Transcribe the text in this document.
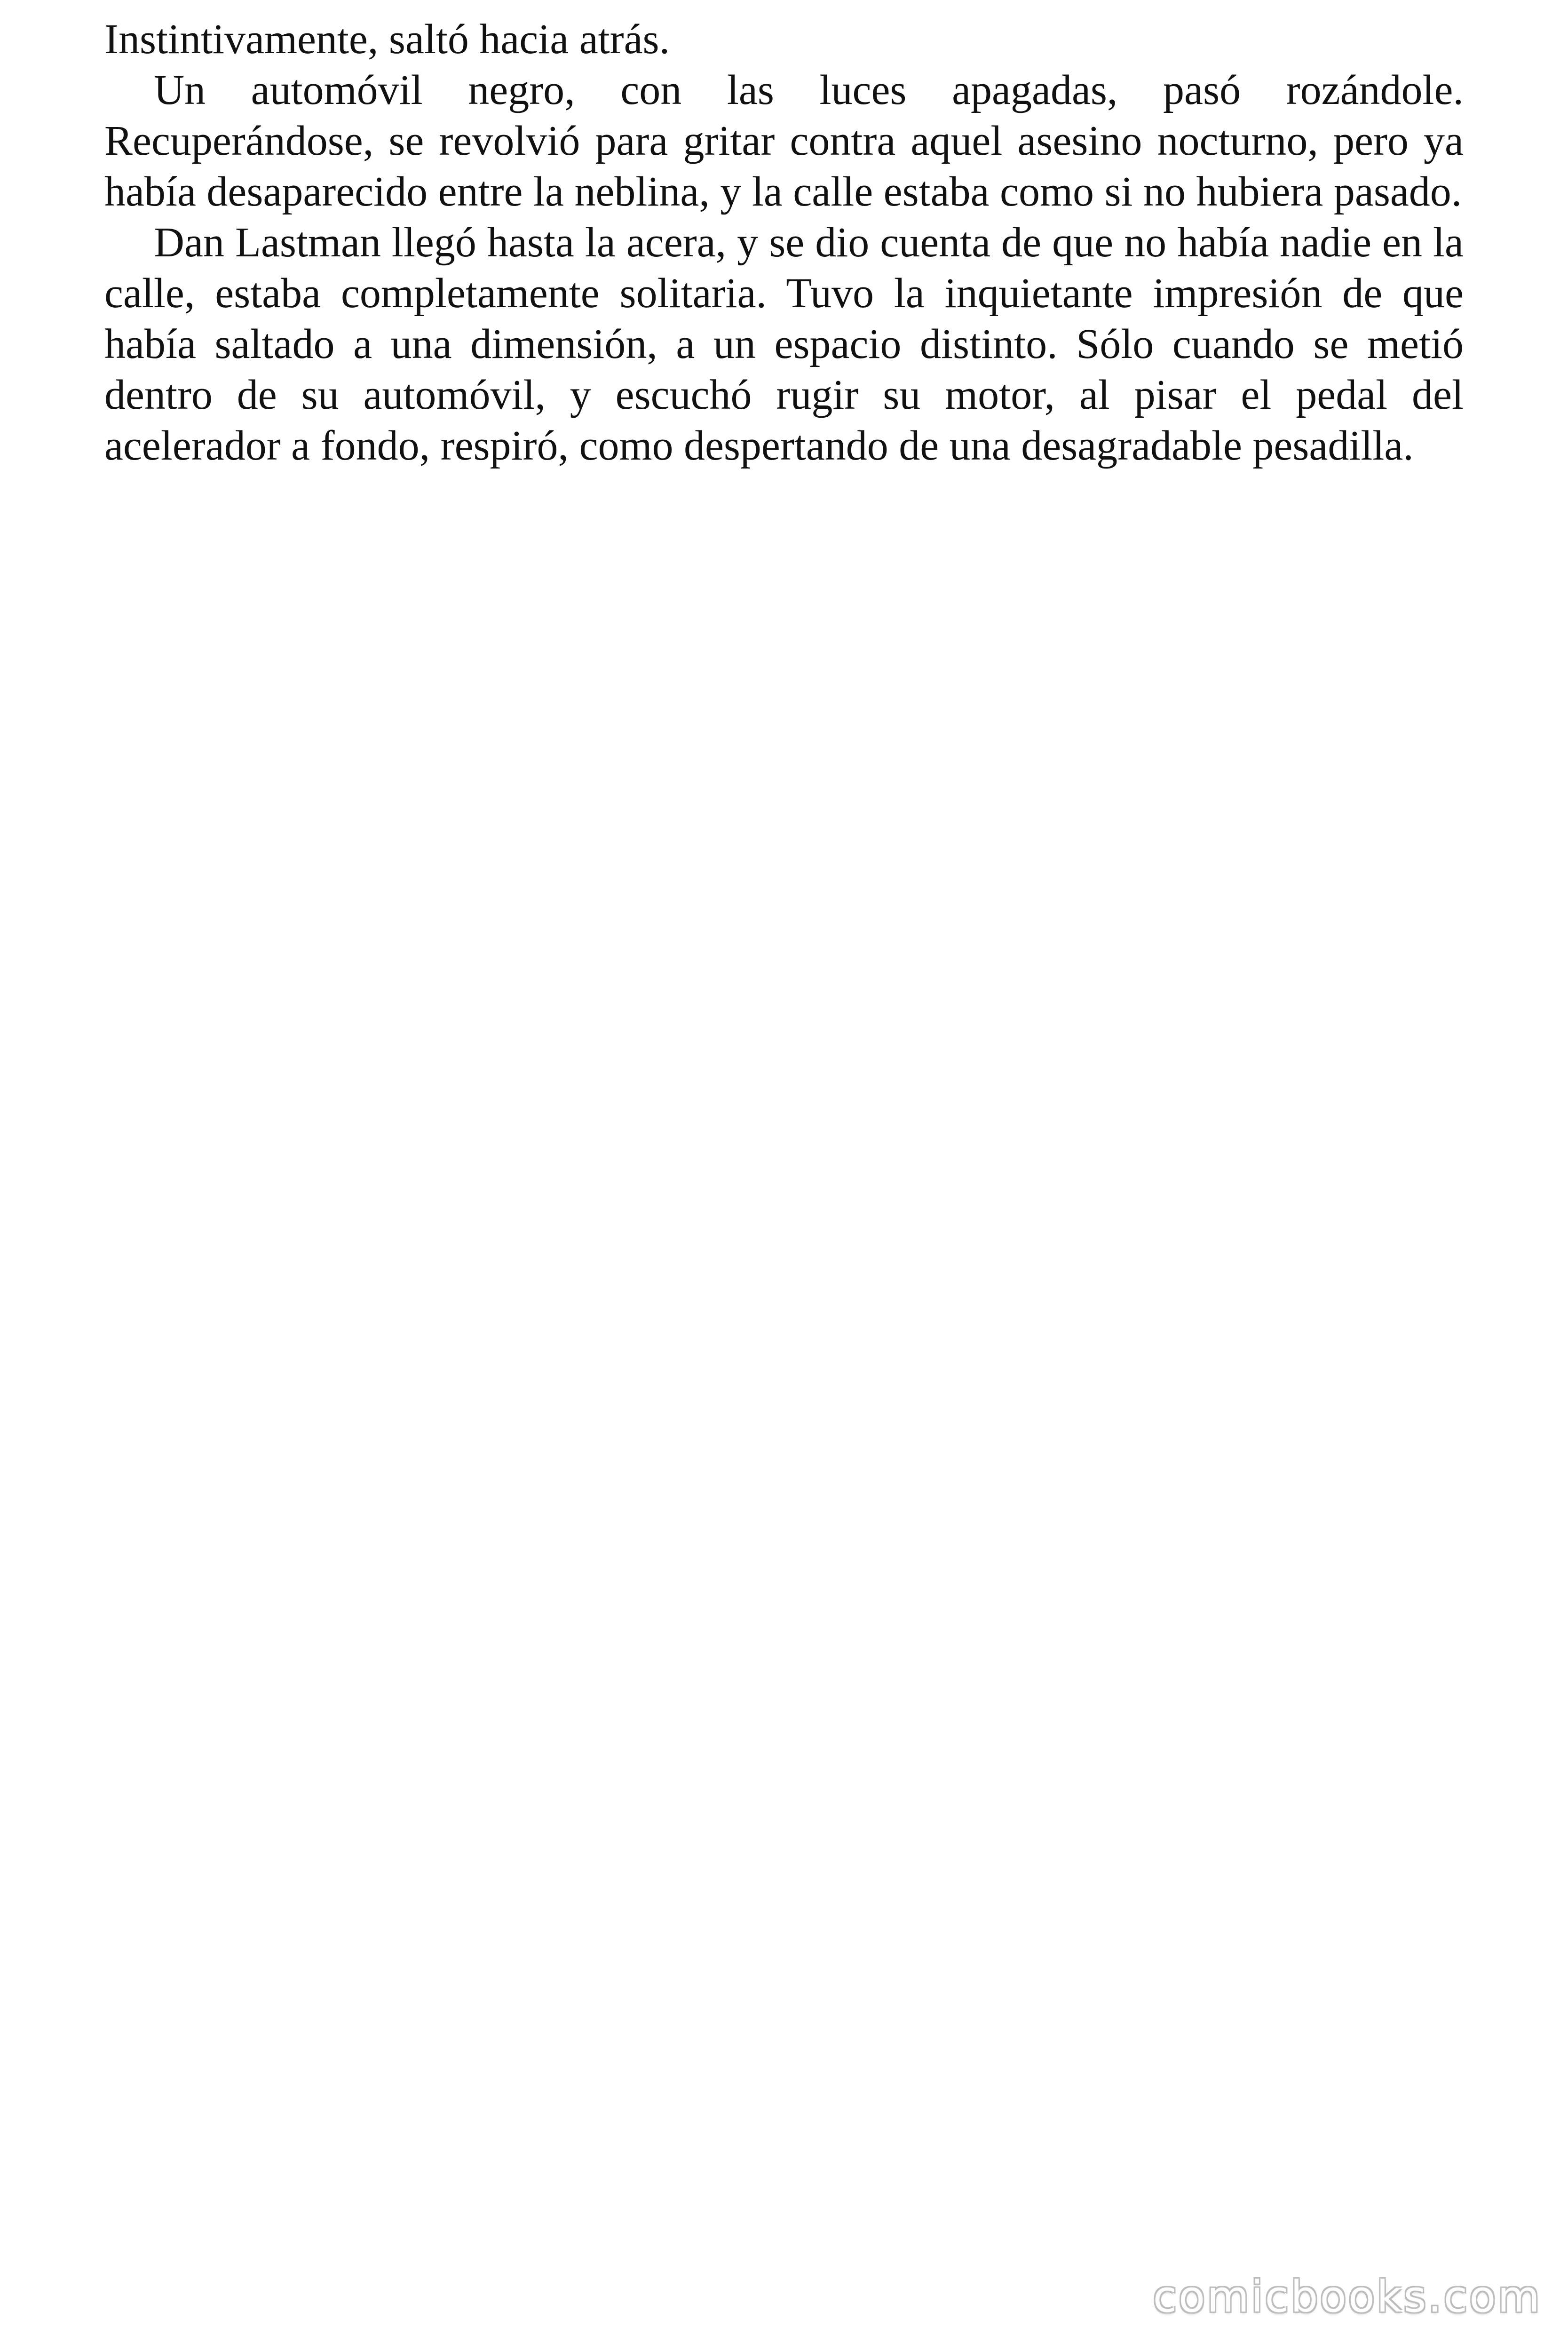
Instintivamente, saltó hacia atrás.

Un automóvil negro, con las luces apagadas, pasó rozándole. Recuperándose, se revolvió para gritar contra aquel asesino nocturno, pero ya había desaparecido entre la neblina, y la calle estaba como si no hubiera pasado.

Dan Lastman llegó hasta la acera, y se dio cuenta de que no había nadie en la calle, estaba completamente solitaria. Tuvo la inquietante impresión de que había saltado a una dimensión, a un espacio distinto. Sólo cuando se metió dentro de su automóvil, y escuchó rugir su motor, al pisar el pedal del acelerador a fondo, respiró, como despertando de una desagradable pesadilla.

comicbooks.com
